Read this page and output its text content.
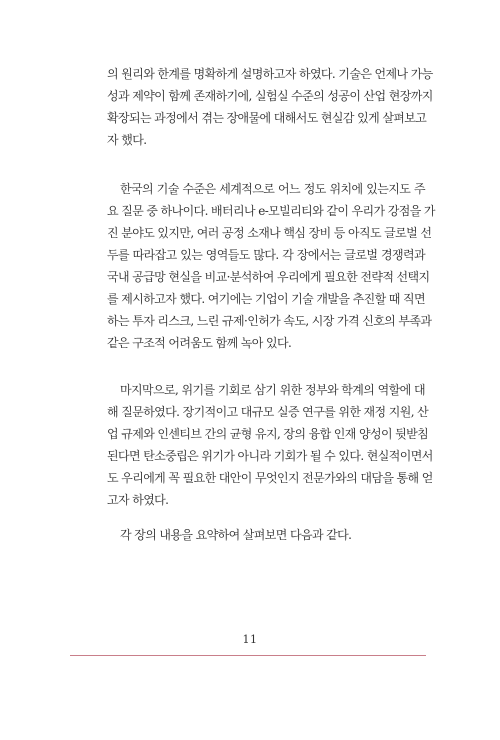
의 원리와 한계를 명확하게 설명하고자 하였다. 기술은 언제나 가능
성과 제약이 함께 존재하기에, 실험실 수준의 성공이 산업 현장까지
확장되는 과정에서 겪는 장애물에 대해서도 현실감 있게 살펴보고
자 했다.
한국의 기술 수준은 세계적으로 어느 정도 위치에 있는지도 주
요 질문 중 하나이다. 배터리나 e-모빌리티와 같이 우리가 강점을 가
진 분야도 있지만, 여러 공정 소재나 핵심 장비 등 아직도 글로벌 선
두를 따라잡고 있는 영역들도 많다. 각 장에서는 글로벌 경쟁력과
국내 공급망 현실을 비교·분석하여 우리에게 필요한 전략적 선택지
를 제시하고자 했다. 여기에는 기업이 기술 개발을 추진할 때 직면
하는 투자 리스크, 느린 규제·인허가 속도, 시장 가격 신호의 부족과
같은 구조적 어려움도 함께 녹아 있다.
마지막으로, 위기를 기회로 삼기 위한 정부와 학계의 역할에 대
해 질문하였다. 장기적이고 대규모 실증 연구를 위한 재정 지원, 산
업 규제와 인센티브 간의 균형 유지, 장의 융합 인재 양성이 뒷받침
된다면 탄소중립은 위기가 아니라 기회가 될 수 있다. 현실적이면서
도 우리에게 꼭 필요한 대안이 무엇인지 전문가와의 대담을 통해 얻
고자 하였다.
각 장의 내용을 요약하여 살펴보면 다음과 같다.
11
